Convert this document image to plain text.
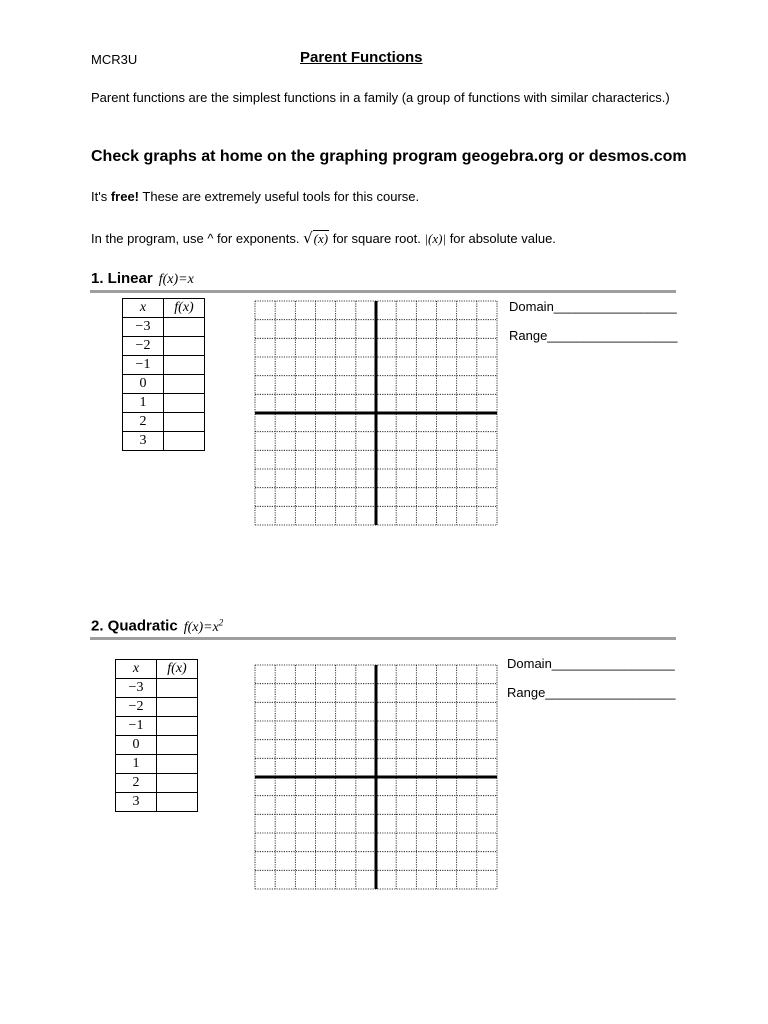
MCR3U	Parent Functions
Parent functions are the simplest functions in a family (a group of functions with similar characterics.)
Check graphs at home on the graphing program geogebra.org or desmos.com
It's free! These are extremely useful tools for this course.
In the program, use ^ for exponents. √(x) for square root. |(x)| for absolute value.
1. Linear f(x)=x
x	f(x)
−3	
−2	
−1	
0	
1	
2	
3	
Domain_________________
Range__________________
2. Quadratic $f(x)=x^2$
x	f(x)
−3	
−2	
−1	
0	
1	
2	
3	
Domain_________________
Range__________________
